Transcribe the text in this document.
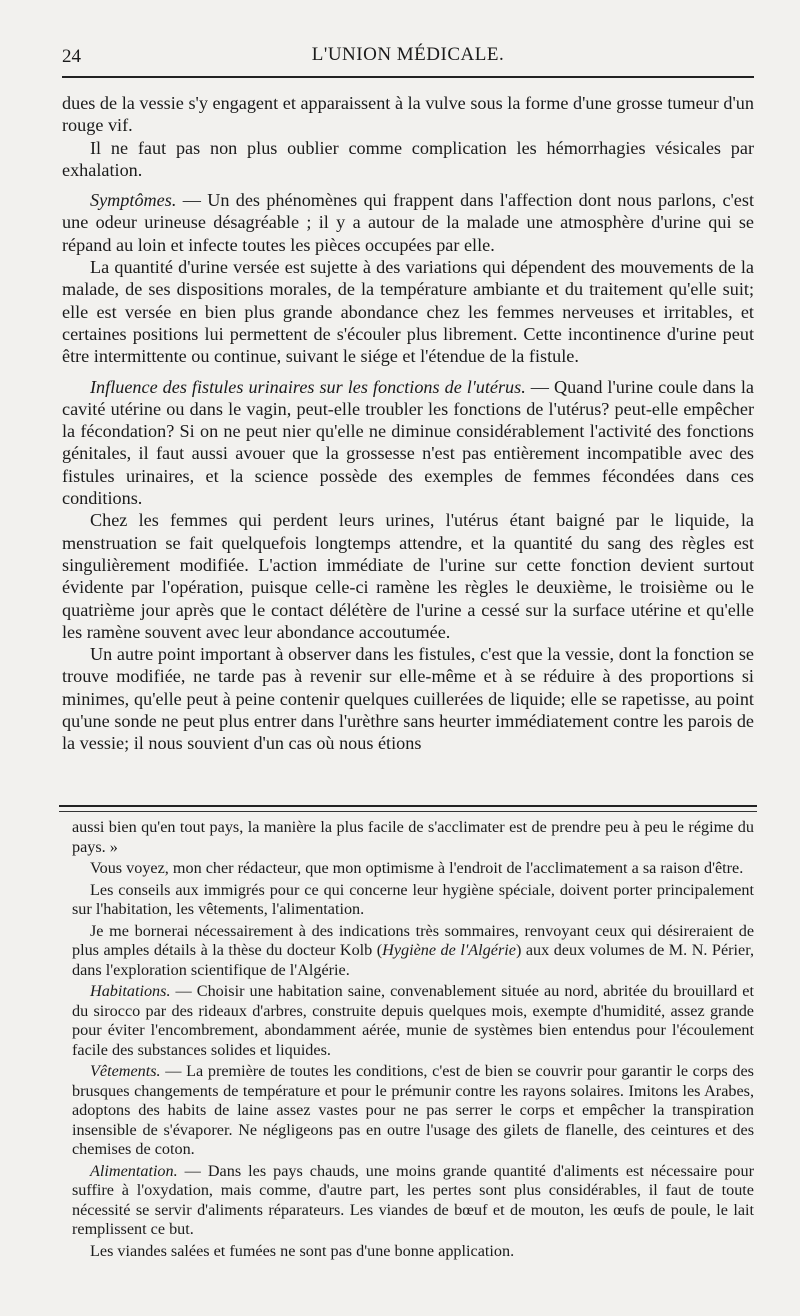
24	L'UNION MÉDICALE.

dues de la vessie s'y engagent et apparaissent à la vulve sous la forme d'une grosse tumeur d'un rouge vif.

Il ne faut pas non plus oublier comme complication les hémorrhagies vésicales par exhalation.

Symptômes. — Un des phénomènes qui frappent dans l'affection dont nous parlons, c'est une odeur urineuse désagréable ; il y a autour de la malade une atmosphère d'urine qui se répand au loin et infecte toutes les pièces occupées par elle.

La quantité d'urine versée est sujette à des variations qui dépendent des mouvements de la malade, de ses dispositions morales, de la température ambiante et du traitement qu'elle suit; elle est versée en bien plus grande abondance chez les femmes nerveuses et irritables, et certaines positions lui permettent de s'écouler plus librement. Cette incontinence d'urine peut être intermittente ou continue, suivant le siége et l'étendue de la fistule.

Influence des fistules urinaires sur les fonctions de l'utérus. — Quand l'urine coule dans la cavité utérine ou dans le vagin, peut-elle troubler les fonctions de l'utérus? peut-elle empêcher la fécondation? Si on ne peut nier qu'elle ne diminue considérablement l'activité des fonctions génitales, il faut aussi avouer que la grossesse n'est pas entièrement incompatible avec des fistules urinaires, et la science possède des exemples de femmes fécondées dans ces conditions.

Chez les femmes qui perdent leurs urines, l'utérus étant baigné par le liquide, la menstruation se fait quelquefois longtemps attendre, et la quantité du sang des règles est singulièrement modifiée. L'action immédiate de l'urine sur cette fonction devient surtout évidente par l'opération, puisque celle-ci ramène les règles le deuxième, le troisième ou le quatrième jour après que le contact délétère de l'urine a cessé sur la surface utérine et qu'elle les ramène souvent avec leur abondance accoutumée.

Un autre point important à observer dans les fistules, c'est que la vessie, dont la fonction se trouve modifiée, ne tarde pas à revenir sur elle-même et à se réduire à des proportions si minimes, qu'elle peut à peine contenir quelques cuillerées de liquide; elle se rapetisse, au point qu'une sonde ne peut plus entrer dans l'urèthre sans heurter immédiatement contre les parois de la vessie; il nous souvient d'un cas où nous étions

aussi bien qu'en tout pays, la manière la plus facile de s'acclimater est de prendre peu à peu le régime du pays. »

Vous voyez, mon cher rédacteur, que mon optimisme à l'endroit de l'acclimatement a sa raison d'être.

Les conseils aux immigrés pour ce qui concerne leur hygiène spéciale, doivent porter principalement sur l'habitation, les vêtements, l'alimentation.

Je me bornerai nécessairement à des indications très sommaires, renvoyant ceux qui désireraient de plus amples détails à la thèse du docteur Kolb (Hygiène de l'Algérie) aux deux volumes de M. N. Périer, dans l'exploration scientifique de l'Algérie.

Habitations. — Choisir une habitation saine, convenablement située au nord, abritée du brouillard et du sirocco par des rideaux d'arbres, construite depuis quelques mois, exempte d'humidité, assez grande pour éviter l'encombrement, abondamment aérée, munie de systèmes bien entendus pour l'écoulement facile des substances solides et liquides.

Vêtements. — La première de toutes les conditions, c'est de bien se couvrir pour garantir le corps des brusques changements de température et pour le prémunir contre les rayons solaires. Imitons les Arabes, adoptons des habits de laine assez vastes pour ne pas serrer le corps et empêcher la transpiration insensible de s'évaporer. Ne négligeons pas en outre l'usage des gilets de flanelle, des ceintures et des chemises de coton.

Alimentation. — Dans les pays chauds, une moins grande quantité d'aliments est nécessaire pour suffire à l'oxydation, mais comme, d'autre part, les pertes sont plus considérables, il faut de toute nécessité se servir d'aliments réparateurs. Les viandes de bœuf et de mouton, les œufs de poule, le lait remplissent ce but.

Les viandes salées et fumées ne sont pas d'une bonne application.
